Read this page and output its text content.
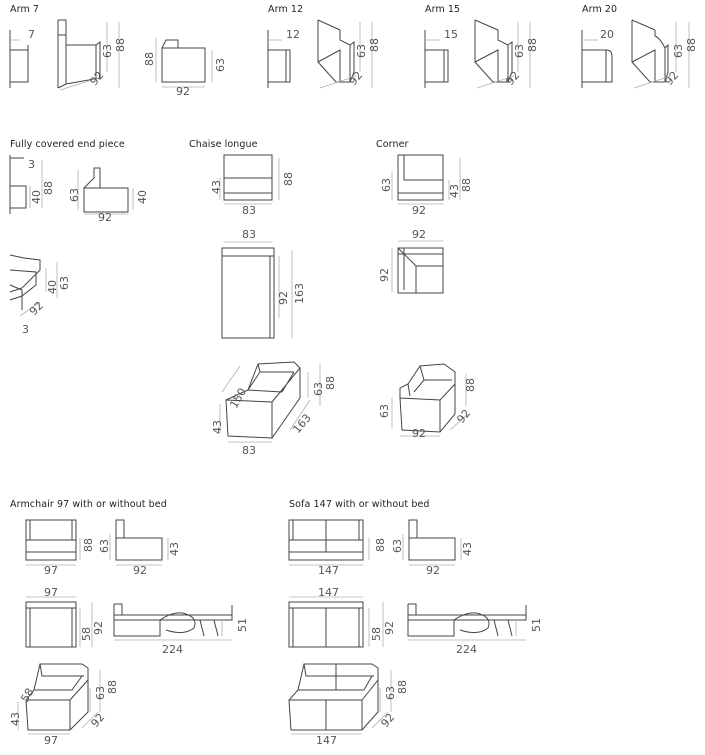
Arm 7	Arm 12	Arm 15	Arm 20
Fully covered end piece	Chaise longue	Corner
Armchair 97 with or without bed	Sofa 147 with or without bed
7
63 88
92
88	63
92
12
63 88
92
15
63 88
92
20
63 88
92
3
40
88 63	40
92
40 63
3
92
43
88
83
83
92 163
150
43	163
63 88
83
63	43 88
92
92
92
63
88
92
92
88
97
63	43
92
97
58 92	51
224
58
43
63 88
92
97
88
147
63	43
92
147
58 92	51
224
63 88
92
147
